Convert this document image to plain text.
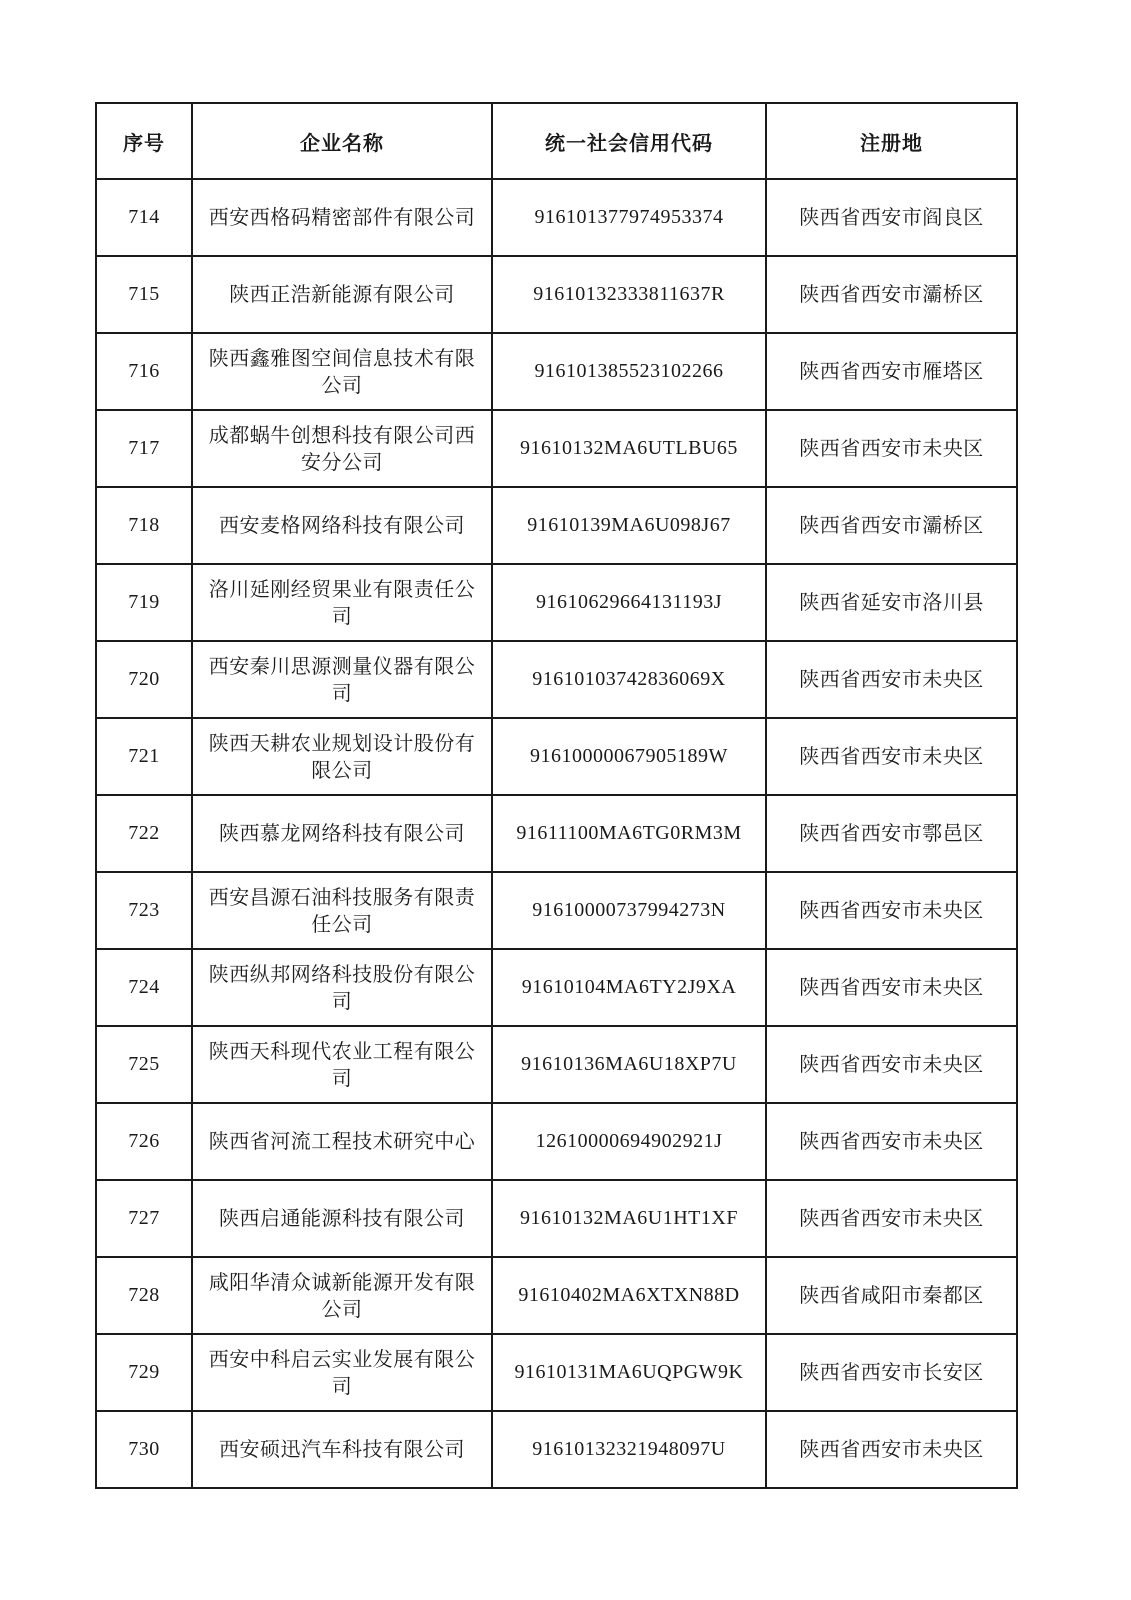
序号	企业名称	统一社会信用代码	注册地
714	西安西格码精密部件有限公司	916101377974953374	陕西省西安市阎良区
715	陕西正浩新能源有限公司	91610132333811637R	陕西省西安市灞桥区
716	陕西鑫雅图空间信息技术有限公司	916101385523102266	陕西省西安市雁塔区
717	成都蜗牛创想科技有限公司西安分公司	91610132MA6UTLBU65	陕西省西安市未央区
718	西安麦格网络科技有限公司	91610139MA6U098J67	陕西省西安市灞桥区
719	洛川延刚经贸果业有限责任公司	91610629664131193J	陕西省延安市洛川县
720	西安秦川思源测量仪器有限公司	91610103742836069X	陕西省西安市未央区
721	陕西天耕农业规划设计股份有限公司	91610000067905189W	陕西省西安市未央区
722	陕西慕龙网络科技有限公司	91611100MA6TG0RM3M	陕西省西安市鄠邑区
723	西安昌源石油科技服务有限责任公司	91610000737994273N	陕西省西安市未央区
724	陕西纵邦网络科技股份有限公司	91610104MA6TY2J9XA	陕西省西安市未央区
725	陕西天科现代农业工程有限公司	91610136MA6U18XP7U	陕西省西安市未央区
726	陕西省河流工程技术研究中心	12610000694902921J	陕西省西安市未央区
727	陕西启通能源科技有限公司	91610132MA6U1HT1XF	陕西省西安市未央区
728	咸阳华清众诚新能源开发有限公司	91610402MA6XTXN88D	陕西省咸阳市秦都区
729	西安中科启云实业发展有限公司	91610131MA6UQPGW9K	陕西省西安市长安区
730	西安硕迅汽车科技有限公司	91610132321948097U	陕西省西安市未央区
